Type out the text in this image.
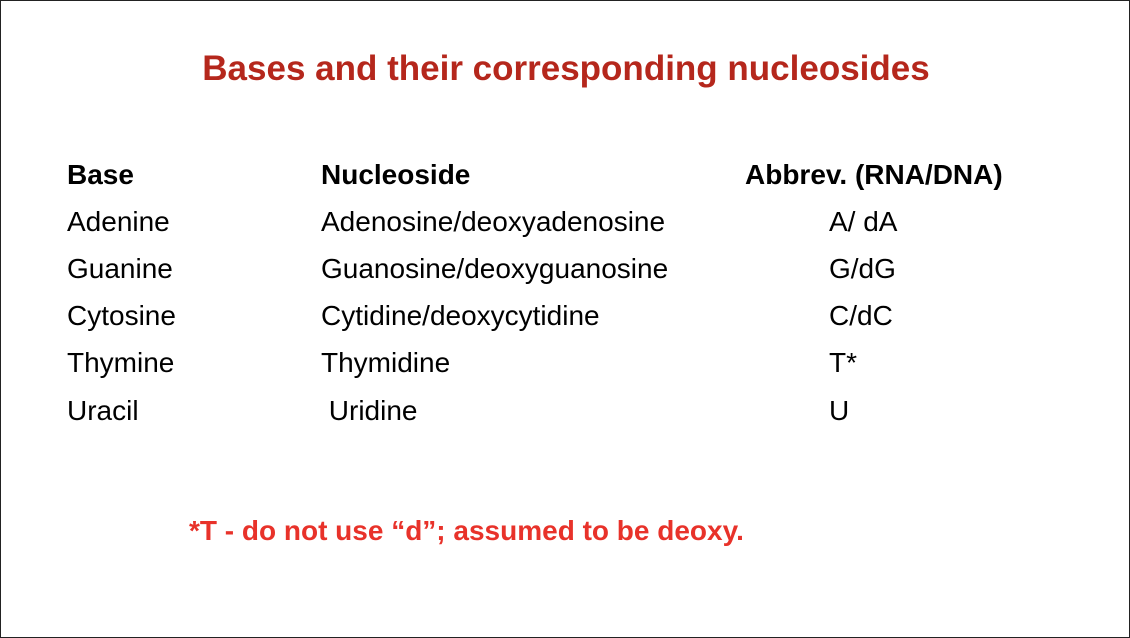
Bases and their corresponding nucleosides
Base	Nucleoside	Abbrev. (RNA/DNA)
Adenine	Adenosine/deoxyadenosine	A/ dA
Guanine	Guanosine/deoxyguanosine	G/dG
Cytosine	Cytidine/deoxycytidine	C/dC
Thymine	Thymidine	T*
Uracil	Uridine	U
*T - do not use “d”; assumed to be deoxy.
